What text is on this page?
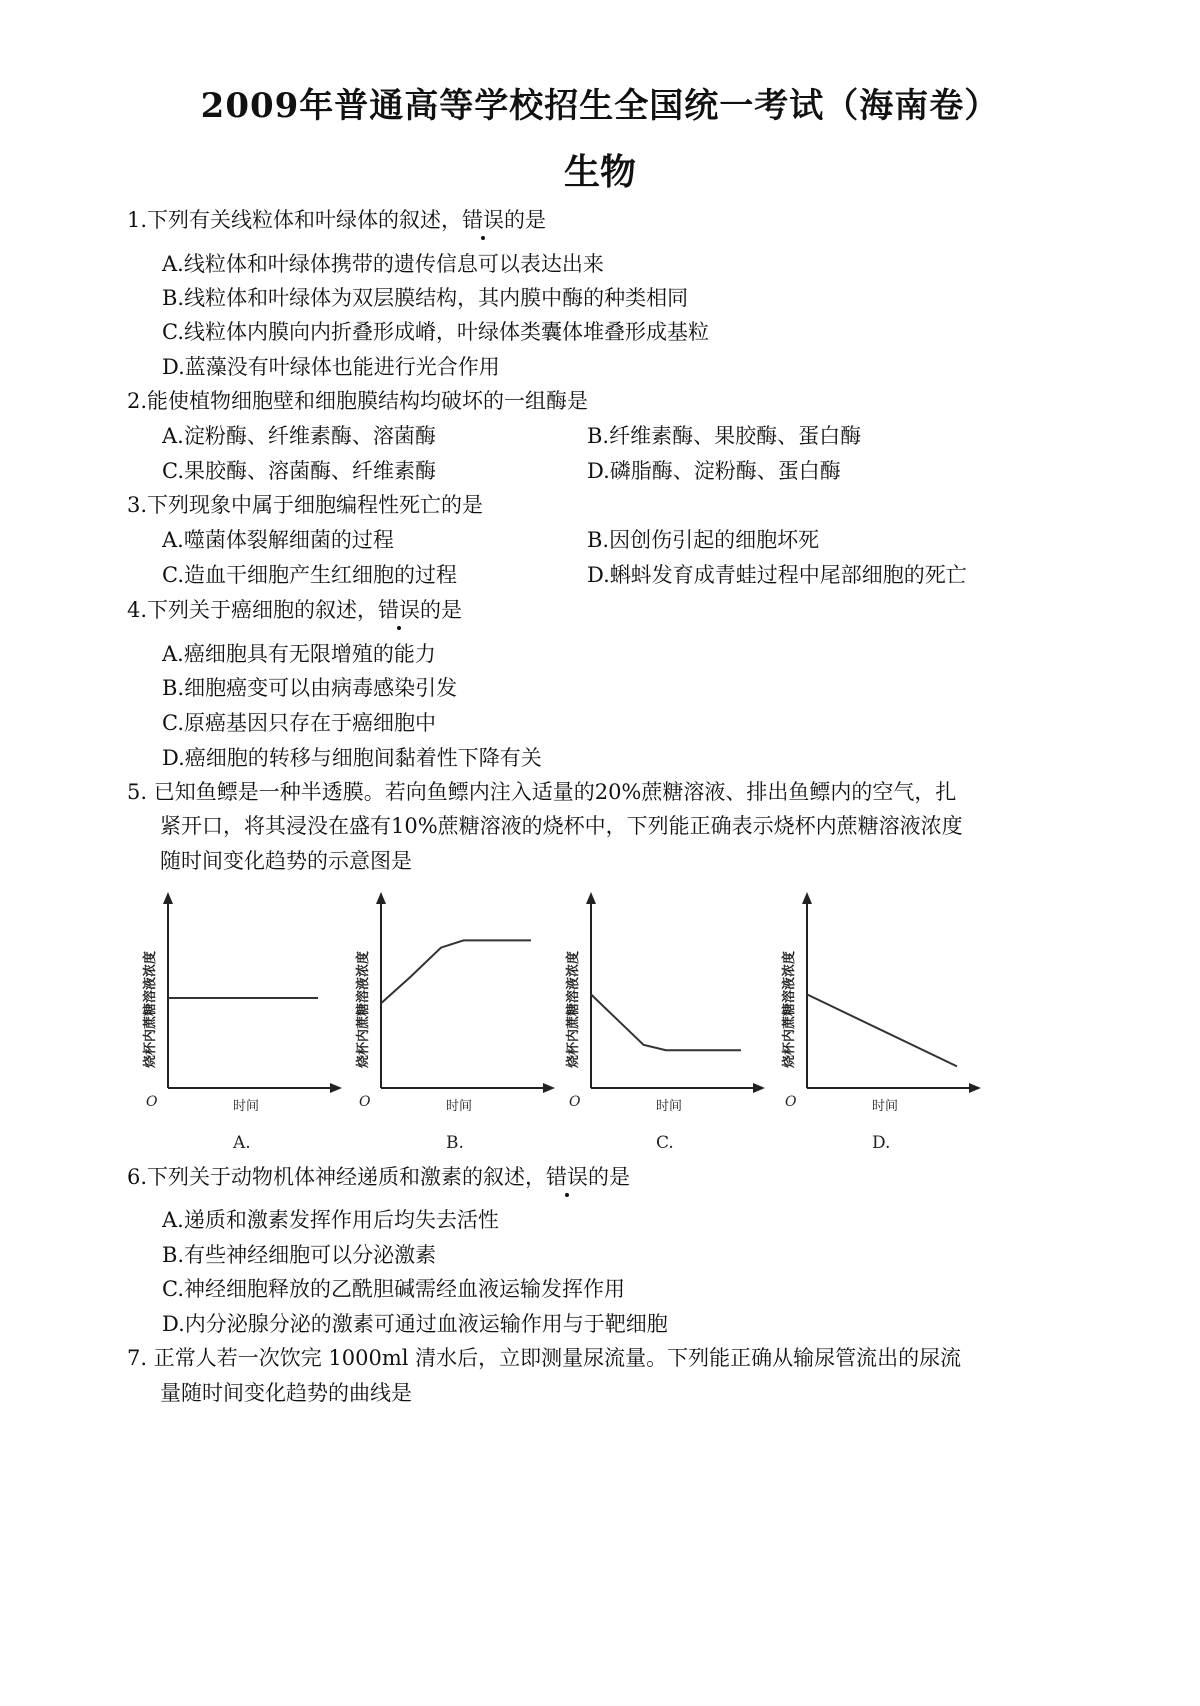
2009年普通高等学校招生全国统一考试（海南卷）
生物
1.下列有关线粒体和叶绿体的叙述，错误的是
A.线粒体和叶绿体携带的遗传信息可以表达出来
B.线粒体和叶绿体为双层膜结构，其内膜中酶的种类相同
C.线粒体内膜向内折叠形成嵴，叶绿体类囊体堆叠形成基粒
D.蓝藻没有叶绿体也能进行光合作用
2.能使植物细胞壁和细胞膜结构均破坏的一组酶是
A.淀粉酶、纤维素酶、溶菌酶	B.纤维素酶、果胶酶、蛋白酶
C.果胶酶、溶菌酶、纤维素酶	D.磷脂酶、淀粉酶、蛋白酶
3.下列现象中属于细胞编程性死亡的是
A.噬菌体裂解细菌的过程	B.因创伤引起的细胞坏死
C.造血干细胞产生红细胞的过程	D.蝌蚪发育成青蛙过程中尾部细胞的死亡
4.下列关于癌细胞的叙述，错误的是
A.癌细胞具有无限增殖的能力
B.细胞癌变可以由病毒感染引发
C.原癌基因只存在于癌细胞中
D.癌细胞的转移与细胞间黏着性下降有关
5. 已知鱼鳔是一种半透膜。若向鱼鳔内注入适量的20%蔗糖溶液、排出鱼鳔内的空气，扎
紧开口，将其浸没在盛有10%蔗糖溶液的烧杯中，下列能正确表示烧杯内蔗糖溶液浓度
随时间变化趋势的示意图是
O
烧杯内蔗糖溶液浓度
时间
A.
O
烧杯内蔗糖溶液浓度
时间
B.
O
烧杯内蔗糖溶液浓度
时间
C.
O
烧杯内蔗糖溶液浓度
时间
D.
6.下列关于动物机体神经递质和激素的叙述，错误的是
A.递质和激素发挥作用后均失去活性
B.有些神经细胞可以分泌激素
C.神经细胞释放的乙酰胆碱需经血液运输发挥作用
D.内分泌腺分泌的激素可通过血液运输作用与于靶细胞
7. 正常人若一次饮完 1000ml 清水后，立即测量尿流量。下列能正确从输尿管流出的尿流
量随时间变化趋势的曲线是
